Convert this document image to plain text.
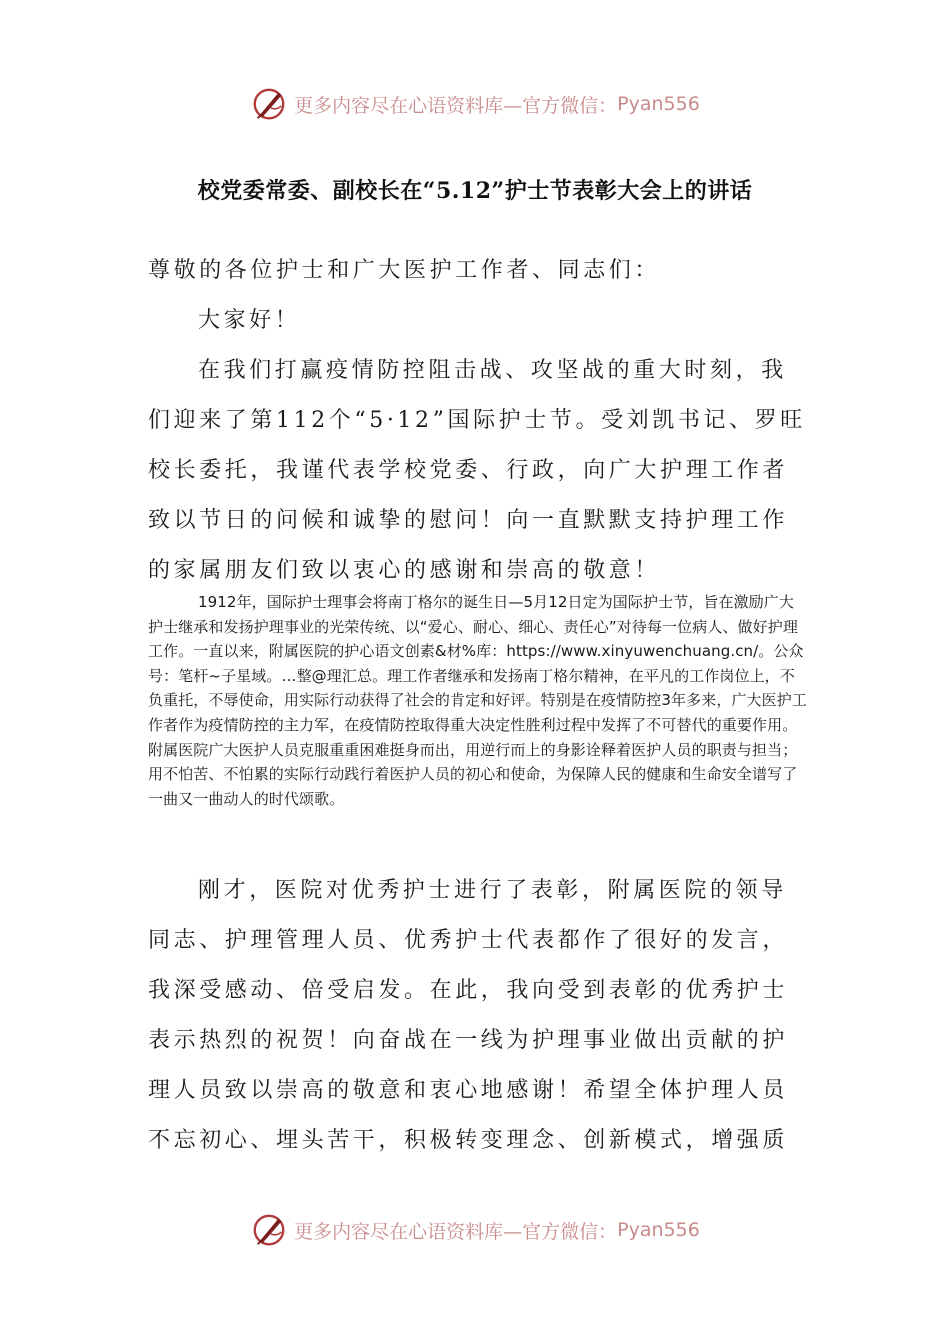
更多内容尽在心语资料库—官方微信： Pyan556
校党委常委、副校长在“5.12”护士节表彰大会上的讲话

尊敬的各位护士和广大医护工作者、同志们：

大家好！

在我们打赢疫情防控阻击战、攻坚战的重大时刻，我们迎来了第112个“5·12”国际护士节。受刘凯书记、罗旺校长委托，我谨代表学校党委、行政，向广大护理工作者致以节日的问候和诚挚的慰问！向一直默默支持护理工作的家属朋友们致以衷心的感谢和崇高的敬意！

1912年，国际护士理事会将南丁格尔的诞生日—5月12日定为国际护士节，旨在激励广大护士继承和发扬护理事业的光荣传统、以“爱心、耐心、细心、责任心”对待每一位病人、做好护理工作。一直以来，附属医院的护心语文创素&材%库：https://www.xinyuwenchuang.cn/。公众号：笔杆~子星域。…整@理汇总。理工作者继承和发扬南丁格尔精神，在平凡的工作岗位上，不负重托，不辱使命，用实际行动获得了社会的肯定和好评。特别是在疫情防控3年多来，广大医护工作者作为疫情防控的主力军，在疫情防控取得重大决定性胜利过程中发挥了不可替代的重要作用。附属医院广大医护人员克服重重困难挺身而出，用逆行而上的身影诠释着医护人员的职责与担当；用不怕苦、不怕累的实际行动践行着医护人员的初心和使命，为保障人民的健康和生命安全谱写了一曲又一曲动人的时代颂歌。

刚才，医院对优秀护士进行了表彰，附属医院的领导同志、护理管理人员、优秀护士代表都作了很好的发言，我深受感动、倍受启发。在此，我向受到表彰的优秀护士表示热烈的祝贺！向奋战在一线为护理事业做出贡献的护理人员致以崇高的敬意和衷心地感谢！希望全体护理人员不忘初心、埋头苦干，积极转变理念、创新模式，增强质

更多内容尽在心语资料库—官方微信： Pyan556
